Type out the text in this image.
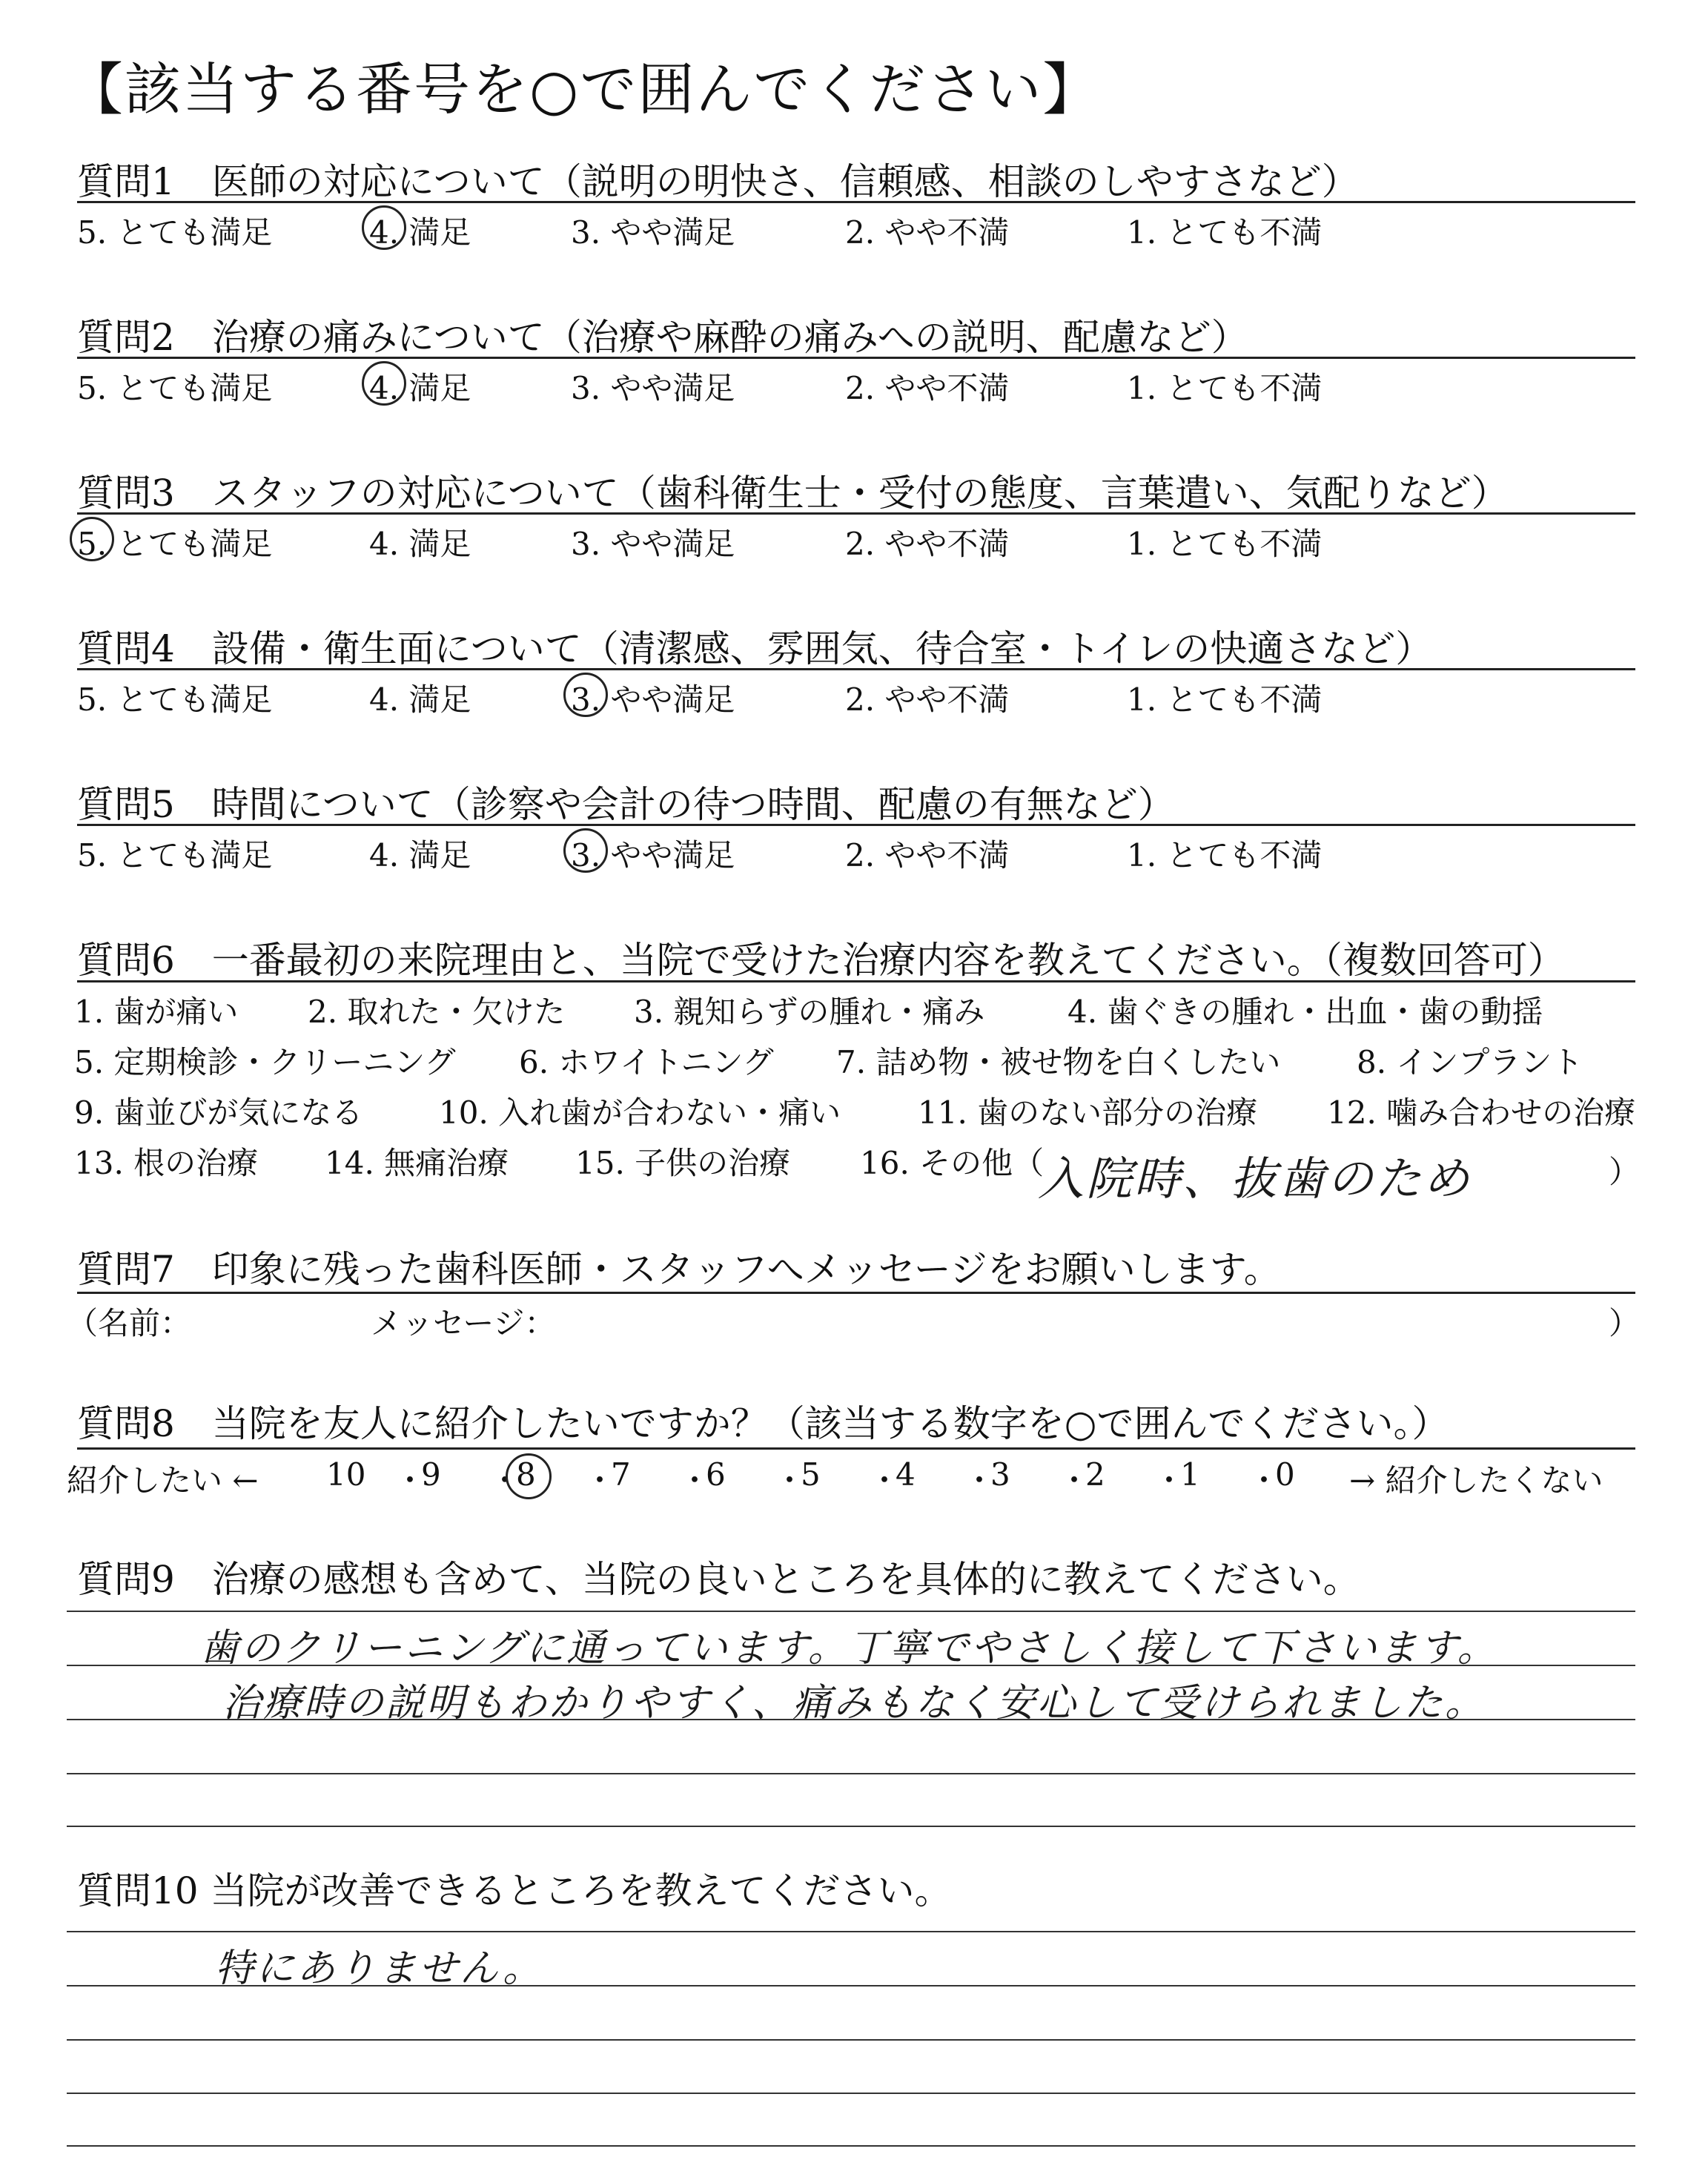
【該当する番号を○で囲んでください】
質問1　医師の対応について（説明の明快さ、信頼感、相談のしやすさなど）
5. とても満足	4. 満足	3. やや満足	2. やや不満	1. とても不満
質問2　治療の痛みについて（治療や麻酔の痛みへの説明、配慮など）
5. とても満足	4. 満足	3. やや満足	2. やや不満	1. とても不満
質問3　スタッフの対応について（歯科衛生士・受付の態度、言葉遣い、気配りなど）
5. とても満足	4. 満足	3. やや満足	2. やや不満	1. とても不満
質問4　設備・衛生面について（清潔感、雰囲気、待合室・トイレの快適さなど）
5. とても満足	4. 満足	3. やや満足	2. やや不満	1. とても不満
質問5　時間について（診察や会計の待つ時間、配慮の有無など）
5. とても満足	4. 満足	3. やや満足	2. やや不満	1. とても不満
質問6　一番最初の来院理由と、当院で受けた治療内容を教えてください。（複数回答可）
1. 歯が痛い 2. 取れた・欠けた 3. 親知らずの腫れ・痛み	4. 歯ぐきの腫れ・出血・歯の動揺
5. 定期検診・クリーニング 6. ホワイトニング 7. 詰め物・被せ物を白くしたい 8. インプラント
9. 歯並びが気になる 10. 入れ歯が合わない・痛い 11. 歯のない部分の治療 12. 噛み合わせの治療
13. 根の治療 14. 無痛治療 15. 子供の治療 16. その他（
入院時、抜歯のため	）
質問7　印象に残った歯科医師・スタッフへメッセージをお願いします。
（名前：	メッセージ：	）
質問8　当院を友人に紹介したいですか？（該当する数字を○で囲んでください。）
紹介したい ←	→ 紹介したくない
10 ・
9 ・
8 ・
7 ・
6 ・
5 ・
4 ・
3 ・
2 ・
1 ・
0
質問9　治療の感想も含めて、当院の良いところを具体的に教えてください。
歯のクリーニングに通っています。丁寧でやさしく接して下さいます。
治療時の説明もわかりやすく、痛みもなく安心して受けられました。
質問10 当院が改善できるところを教えてください。
特にありません。
